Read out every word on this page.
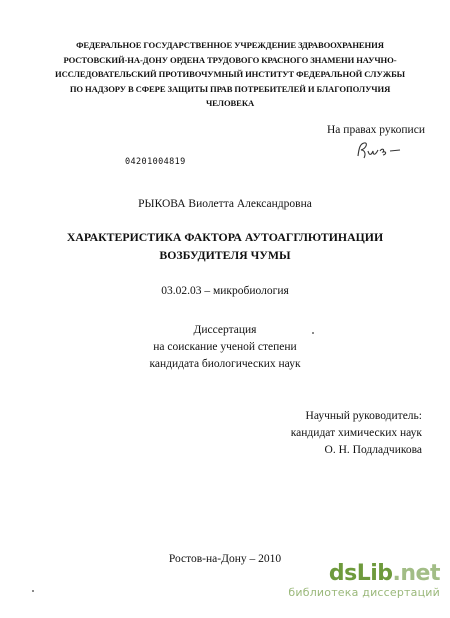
ФЕДЕРАЛЬНОЕ ГОСУДАРСТВЕННОЕ УЧРЕЖДЕНИЕ ЗДРАВООХРАНЕНИЯ
РОСТОВСКИЙ-НА-ДОНУ ОРДЕНА ТРУДОВОГО КРАСНОГО ЗНАМЕНИ НАУЧНО-
ИССЛЕДОВАТЕЛЬСКИЙ ПРОТИВОЧУМНЫЙ ИНСТИТУТ ФЕДЕРАЛЬНОЙ СЛУЖБЫ
ПО НАДЗОРУ В СФЕРЕ ЗАЩИТЫ ПРАВ ПОТРЕБИТЕЛЕЙ И БЛАГОПОЛУЧИЯ
ЧЕЛОВЕКА
На правах рукописи
04201004819
РЫКОВА Виолетта Александровна
ХАРАКТЕРИСТИКА ФАКТОРА АУТОАГГЛЮТИНАЦИИ
ВОЗБУДИТЕЛЯ ЧУМЫ
03.02.03 – микробиология
Диссертация
на соискание ученой степени
кандидата биологических наук
Научный руководитель:
кандидат химических наук
О. Н. Подладчикова
Ростов-на-Дону – 2010
dsLib.net
библиотека диссертаций
